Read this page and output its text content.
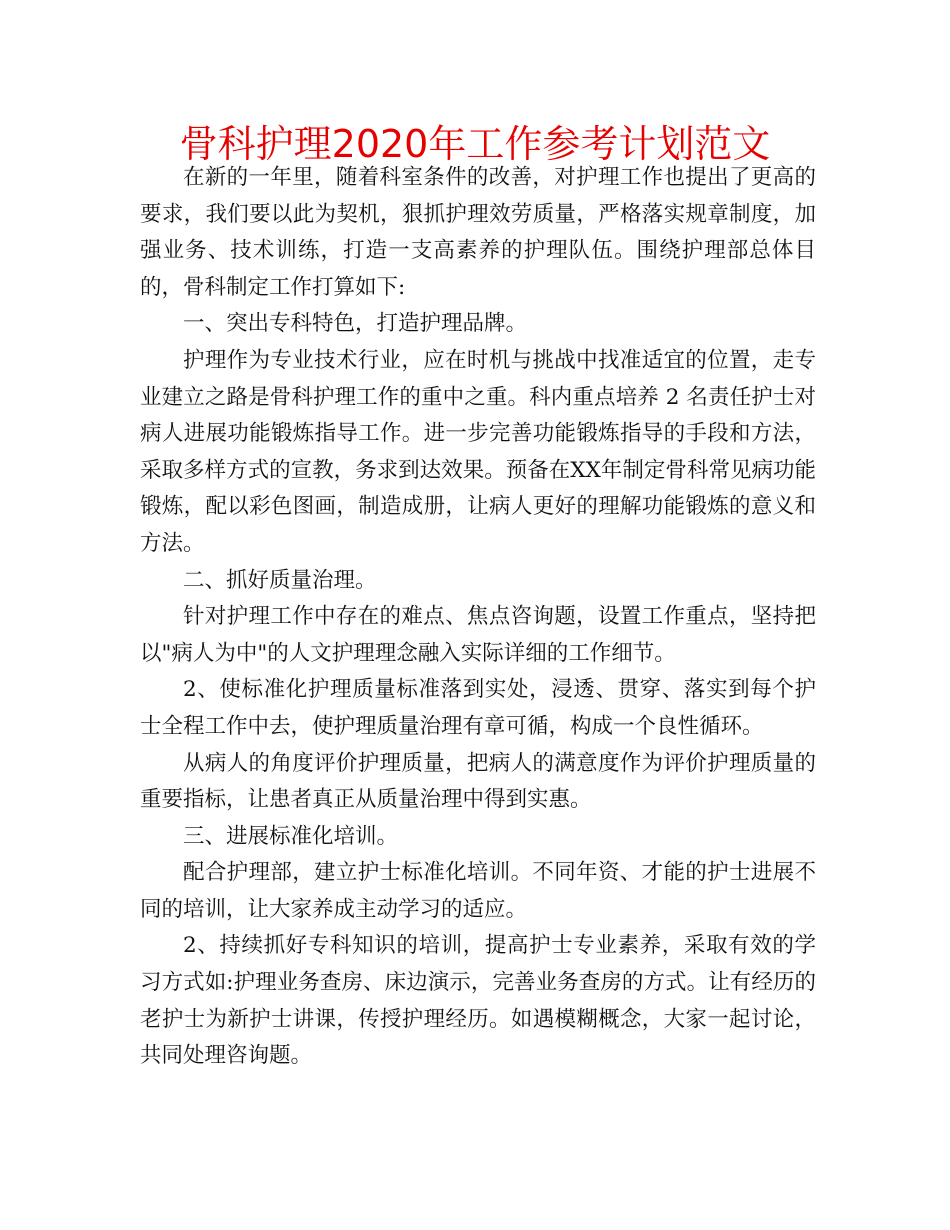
骨科护理2020年工作参考计划范文

在新的一年里，随着科室条件的改善，对护理工作也提出了更高的要求，我们要以此为契机，狠抓护理效劳质量，严格落实规章制度，加强业务、技术训练，打造一支高素养的护理队伍。围绕护理部总体目的，骨科制定工作打算如下:

一、突出专科特色，打造护理品牌。

护理作为专业技术行业，应在时机与挑战中找准适宜的位置，走专业建立之路是骨科护理工作的重中之重。科内重点培养 2 名责任护士对病人进展功能锻炼指导工作。进一步完善功能锻炼指导的手段和方法，采取多样方式的宣教，务求到达效果。预备在XX年制定骨科常见病功能锻炼，配以彩色图画，制造成册，让病人更好的理解功能锻炼的意义和方法。

二、抓好质量治理。

针对护理工作中存在的难点、焦点咨询题，设置工作重点，坚持把以"病人为中"的人文护理理念融入实际详细的工作细节。

2、使标准化护理质量标准落到实处，浸透、贯穿、落实到每个护士全程工作中去，使护理质量治理有章可循，构成一个良性循环。

从病人的角度评价护理质量，把病人的满意度作为评价护理质量的重要指标，让患者真正从质量治理中得到实惠。

三、进展标准化培训。

配合护理部，建立护士标准化培训。不同年资、才能的护士进展不同的培训，让大家养成主动学习的适应。

2、持续抓好专科知识的培训，提高护士专业素养，采取有效的学习方式如:护理业务查房、床边演示，完善业务查房的方式。让有经历的老护士为新护士讲课，传授护理经历。如遇模糊概念，大家一起讨论，共同处理咨询题。
